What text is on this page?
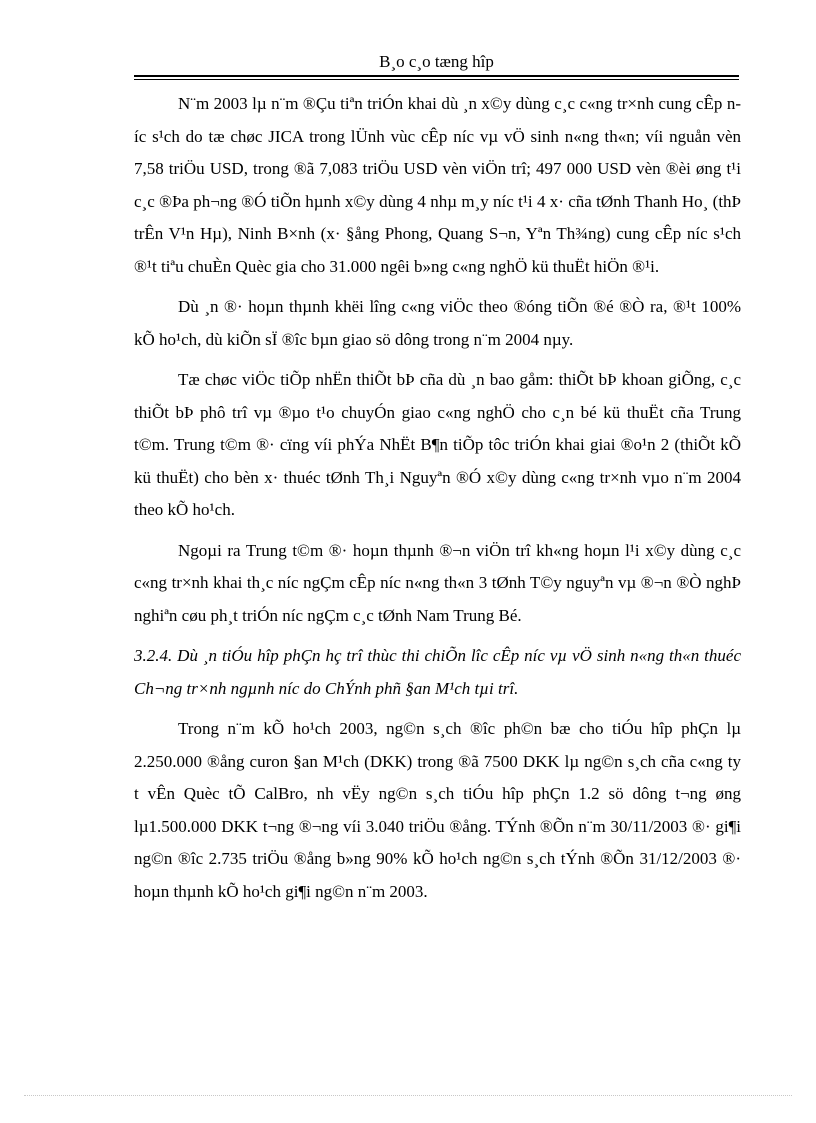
B¸o c¸o tæng hîp

N¨m 2003 lµ n¨m ®Çu tiªn triÓn khai dù ¸n x©y dùng c¸c c«ng tr×nh cung cÊp níc s¹ch do tæ chøc JICA trong lÜnh vùc cÊp níc vµ vÖ sinh n«ng th«n; víi nguån vèn 7,58 triÖu USD, trong ®ã 7,083 triÖu USD vèn viÖn trî; 497 000 USD vèn ®èi øng t¹i c¸c ®Þa ph¬ng ®Ó tiÕn hµnh x©y dùng 4 nhµ m¸y níc t¹i 4 x· cña tØnh Thanh Ho¸ (thÞ trÊn V¹n Hµ), Ninh B×nh (x· §ång Phong, Quang S¬n, Yªn Th¾ng) cung cÊp níc s¹ch ®¹t tiªu chuÈn Quèc gia cho 31.000 ngêi b»ng c«ng nghÖ kü thuËt hiÖn ®¹i.

Dù ¸n ®· hoµn thµnh khëi lîng c«ng viÖc theo ®óng tiÕn ®é ®Ò ra, ®¹t 100% kÕ ho¹ch, dù kiÕn sÏ ®îc bµn giao sö dông trong n¨m 2004 nµy.

Tæ chøc viÖc tiÕp nhËn thiÕt bÞ cña dù ¸n bao gåm: thiÕt bÞ khoan giÕng, c¸c thiÕt bÞ phô trî vµ ®µo t¹o chuyÓn giao c«ng nghÖ cho c¸n bé kü thuËt cña Trung t©m. Trung t©m ®· cïng víi phÝa NhËt B¶n tiÕp tôc triÓn khai giai ®o¹n 2 (thiÕt kÕ kü thuËt) cho bèn x· thuéc tØnh Th¸i Nguyªn ®Ó x©y dùng c«ng tr×nh vµo n¨m 2004 theo kÕ ho¹ch.

Ngoµi ra Trung t©m ®· hoµn thµnh ®¬n viÖn trî kh«ng hoµn l¹i x©y dùng c¸c c«ng tr×nh khai th¸c níc ngÇm cÊp níc n«ng th«n 3 tØnh T©y nguyªn vµ ®¬n ®Ò nghÞ nghiªn cøu ph¸t triÓn níc ngÇm c¸c tØnh Nam Trung Bé.

3.2.4. Dù ¸n tiÓu hîp phÇn hç trî thùc thi chiÕn lîc cÊp níc vµ vÖ sinh n«ng th«n thuéc Ch¬ng tr×nh ngµnh níc do ChÝnh phñ §an M¹ch tµi trî.

Trong n¨m kÕ ho¹ch 2003, ng©n s¸ch ®îc ph©n bæ cho tiÓu hîp phÇn lµ 2.250.000 ®ång curon §an M¹ch (DKK) trong ®ã 7500 DKK lµ ng©n s¸ch cña c«ng ty t vÊn Quèc tÕ CalBro, nh vËy ng©n s¸ch tiÓu hîp phÇn 1.2 sö dông t¬ng øng lµ1.500.000 DKK t¬ng ®¬ng víi 3.040 triÖu ®ång. TÝnh ®Õn n¨m 30/11/2003 ®· gi¶i ng©n ®îc 2.735 triÖu ®ång b»ng 90% kÕ ho¹ch ng©n s¸ch tÝnh ®Õn 31/12/2003 ®· hoµn thµnh kÕ ho¹ch gi¶i ng©n n¨m 2003.
